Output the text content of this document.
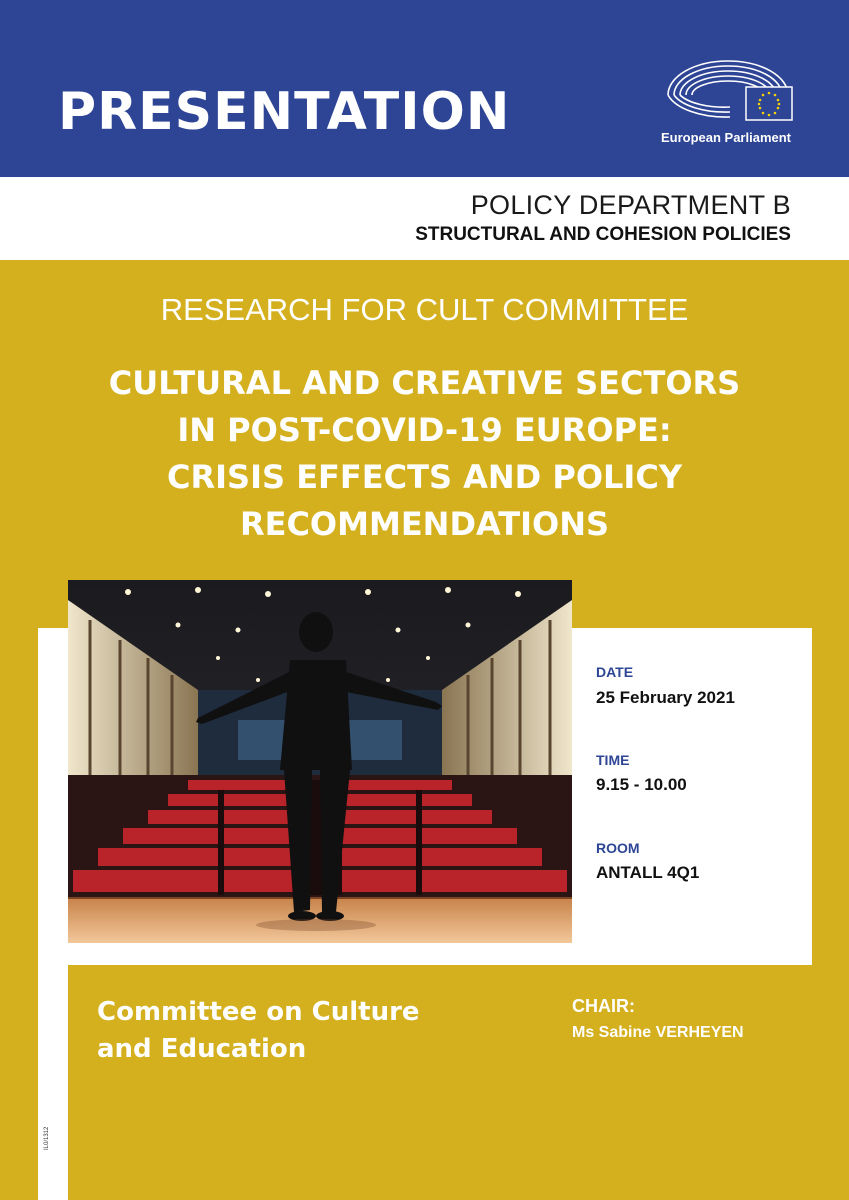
PRESENTATION	European Parliament
POLICY DEPARTMENT B
STRUCTURAL AND COHESION POLICIES
RESEARCH FOR CULT COMMITTEE
CULTURAL AND CREATIVE SECTORS
IN POST-COVID-19 EUROPE:
CRISIS EFFECTS AND POLICY
RECOMMENDATIONS
DATE
25 February 2021
TIME
9.15 - 10.00
ROOM
ANTALL 4Q1
Committee on Culture
and Education
CHAIR:
Ms Sabine VERHEYEN
IL0/1312
